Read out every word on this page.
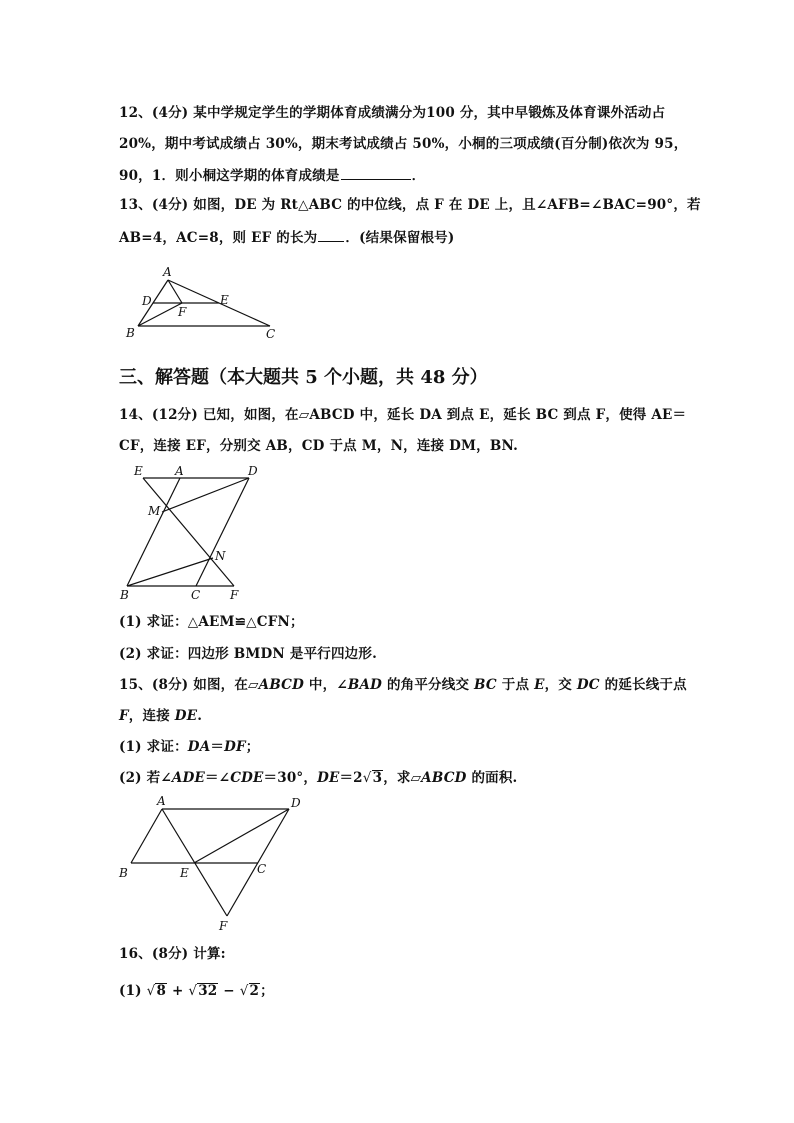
12、(4分) 某中学规定学生的学期体育成绩满分为100 分，其中早锻炼及体育课外活动占
20%，期中考试成绩占 30%，期末考试成绩占 50%，小桐的三项成绩(百分制)依次为 95，
90，1．则小桐这学期的体育成绩是	．
13、(4分) 如图，DE 为 Rt△ABC 的中位线，点 F 在 DE 上，且∠AFB=∠BAC=90°，若
AB=4，AC=8，则 EF 的长为 ．(结果保留根号)
A
D	E
F
B	C
三、解答题（本大题共 5 个小题，共 48 分）
14、(12分) 已知，如图，在▱ABCD 中，延长 DA 到点 E，延长 BC 到点 F，使得 AE＝
CF，连接 EF，分别交 AB，CD 于点 M，N，连接 DM，BN.
E	A	D
M
N
B	C F
(1) 求证：△AEM≌△CFN；
(2) 求证：四边形 BMDN 是平行四边形.
15、(8分) 如图，在▱ABCD 中，∠BAD 的角平分线交 BC 于点 E，交 DC 的延长线于点
F，连接 DE.
(1) 求证：DA＝DF；
(2) 若∠ADE＝∠CDE＝30°，DE＝2√3，求▱ABCD 的面积.
A	D
B	E	C
F
16、(8分) 计算:
(1) √8 + √32 − √2；
